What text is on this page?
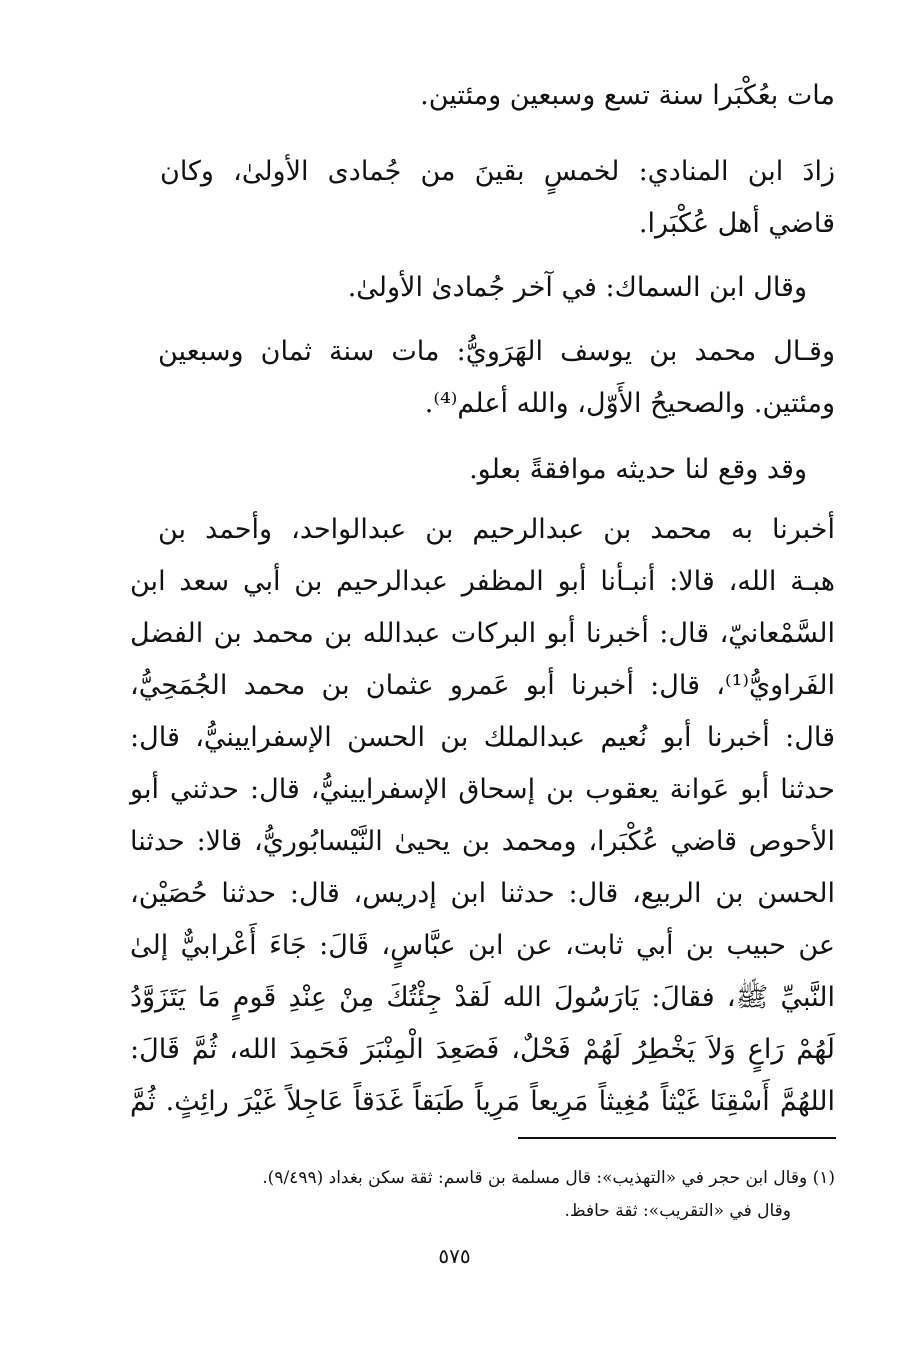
مات بعُكْبَرا سنة تسع وسبعين ومئتين.
زادَ ابن المنادي: لخمسٍ بقينَ من جُمادى الأولىٰ، وكان
قاضي أهل عُكْبَرا.
وقال ابن السماك: في آخر جُمادىٰ الأولىٰ.
وقـال محمد بن يوسف الهَرَويُّ: مات سنة ثمان وسبعين
ومئتين. والصحيحُ الأَوّل، والله أعلم⁽⁴⁾.
وقد وقع لنا حديثه موافقةً بعلو.
أخبرنا به محمد بن عبدالرحيم بن عبدالواحد، وأحمد بن
هبـة الله، قالا: أنبـأنا أبو المظفر عبدالرحيم بن أبي سعد ابن
السَّمْعانيّ، قال: أخبرنا أبو البركات عبدالله بن محمد بن الفضل
الفَراويُّ⁽¹⁾، قال: أخبرنا أبو عَمرو عثمان بن محمد الجُمَحِيُّ،
قال: أخبرنا أبو نُعيم عبدالملك بن الحسن الإسفرايينيُّ، قال:
حدثنا أبو عَوانة يعقوب بن إسحاق الإسفرايينيُّ، قال: حدثني أبو
الأحوص قاضي عُكْبَرا، ومحمد بن يحيىٰ النَّيْسابُوريُّ، قالا: حدثنا
الحسن بن الربيع، قال: حدثنا ابن إدريس، قال: حدثنا حُصَيْن،
عن حبيب بن أبي ثابت، عن ابن عبَّاسٍ، قَالَ: جَاءَ أَعْرابيٌّ إلىٰ
النَّبيِّ ﷺ، فقالَ: يَارَسُولَ الله لَقدْ جِئْتُكَ مِنْ عِنْدِ قَومٍ مَا يَتَزَوَّدُ
لَهُمْ رَاعٍ وَلاَ يَخْطِرُ لَهُمْ فَحْلٌ، فَصَعِدَ الْمِنْبَرَ فَحَمِدَ الله، ثُمَّ قَالَ:
اللهُمَّ أَسْقِنَا غَيْثاً مُغِيثاً مَرِيعاً مَرِياً طَبَقاً غَدَقاً عَاجِلاً غَيْرَ رائِثٍ. ثُمَّ
(١) وقال ابن حجر في «التهذيب»: قال مسلمة بن قاسم: ثقة سكن بغداد (٩/٤٩٩).
وقال في «التقريب»: ثقة حافظ.
٥٧٥
